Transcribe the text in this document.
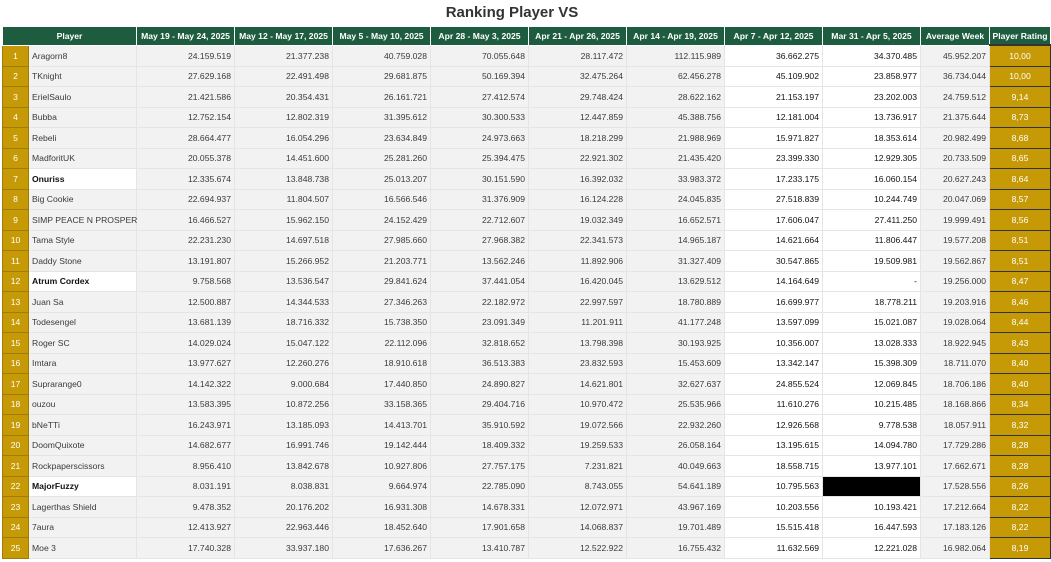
Ranking Player VS
Player		May 19 - May 24, 2025	May 12 - May 17, 2025	May 5 - May 10, 2025	Apr 28 - May 3, 2025	Apr 21 - Apr 26, 2025	Apr 14 - Apr 19, 2025	Apr 7 - Apr 12, 2025	Mar 31 - Apr 5, 2025	Average Week	Player Rating
1	Aragorn8	24.159.519	21.377.238	40.759.028	70.055.648	28.117.472	112.115.989	36.662.275	34.370.485	45.952.207	10,00
2	TKnight	27.629.168	22.491.498	29.681.875	50.169.394	32.475.264	62.456.278	45.109.902	23.858.977	36.734.044	10,00
3	ErielSaulo	21.421.586	20.354.431	26.161.721	27.412.574	29.748.424	28.622.162	21.153.197	23.202.003	24.759.512	9,14
4	Bubba	12.752.154	12.802.319	31.395.612	30.300.533	12.447.859	45.388.756	12.181.004	13.736.917	21.375.644	8,73
5	Rebeli	28.664.477	16.054.296	23.634.849	24.973.663	18.218.299	21.988.969	15.971.827	18.353.614	20.982.499	8,68
6	MadforitUK	20.055.378	14.451.600	25.281.260	25.394.475	22.921.302	21.435.420	23.399.330	12.929.305	20.733.509	8,65
7	Onuriss	12.335.674	13.848.738	25.013.207	30.151.590	16.392.032	33.983.372	17.233.175	16.060.154	20.627.243	8,64
8	Big Cookie	22.694.937	11.804.507	16.566.546	31.376.909	16.124.228	24.045.835	27.518.839	10.244.749	20.047.069	8,57
9	SIMP PEACE N PROSPER	16.466.527	15.962.150	24.152.429	22.712.607	19.032.349	16.652.571	17.606.047	27.411.250	19.999.491	8,56
10	Tama Style	22.231.230	14.697.518	27.985.660	27.968.382	22.341.573	14.965.187	14.621.664	11.806.447	19.577.208	8,51
11	Daddy Stone	13.191.807	15.266.952	21.203.771	13.562.246	11.892.906	31.327.409	30.547.865	19.509.981	19.562.867	8,51
12	Atrum Cordex	9.758.568	13.536.547	29.841.624	37.441.054	16.420.045	13.629.512	14.164.649	-	19.256.000	8,47
13	Juan Sa	12.500.887	14.344.533	27.346.263	22.182.972	22.997.597	18.780.889	16.699.977	18.778.211	19.203.916	8,46
14	Todesengel	13.681.139	18.716.332	15.738.350	23.091.349	11.201.911	41.177.248	13.597.099	15.021.087	19.028.064	8,44
15	Roger SC	14.029.024	15.047.122	22.112.096	32.818.652	13.798.398	30.193.925	10.356.007	13.028.333	18.922.945	8,43
16	Imtara	13.977.627	12.260.276	18.910.618	36.513.383	23.832.593	15.453.609	13.342.147	15.398.309	18.711.070	8,40
17	Suprarange0	14.142.322	9.000.684	17.440.850	24.890.827	14.621.801	32.627.637	24.855.524	12.069.845	18.706.186	8,40
18	ouzou	13.583.395	10.872.256	33.158.365	29.404.716	10.970.472	25.535.966	11.610.276	10.215.485	18.168.866	8,34
19	bNeTTi	16.243.971	13.185.093	14.413.701	35.910.592	19.072.566	22.932.260	12.926.568	9.778.538	18.057.911	8,32
20	DoomQuixote	14.682.677	16.991.746	19.142.444	18.409.332	19.259.533	26.058.164	13.195.615	14.094.780	17.729.286	8,28
21	Rockpaperscissors	8.956.410	13.842.678	10.927.806	27.757.175	7.231.821	40.049.663	18.558.715	13.977.101	17.662.671	8,28
22	MajorFuzzy	8.031.191	8.038.831	9.664.974	22.785.090	8.743.055	54.641.189	10.795.563		17.528.556	8,26
23	Lagerthas Shield	9.478.352	20.176.202	16.931.308	14.678.331	12.072.971	43.967.169	10.203.556	10.193.421	17.212.664	8,22
24	7aura	12.413.927	22.963.446	18.452.640	17.901.658	14.068.837	19.701.489	15.515.418	16.447.593	17.183.126	8,22
25	Moe 3	17.740.328	33.937.180	17.636.267	13.410.787	12.522.922	16.755.432	11.632.569	12.221.028	16.982.064	8,19
